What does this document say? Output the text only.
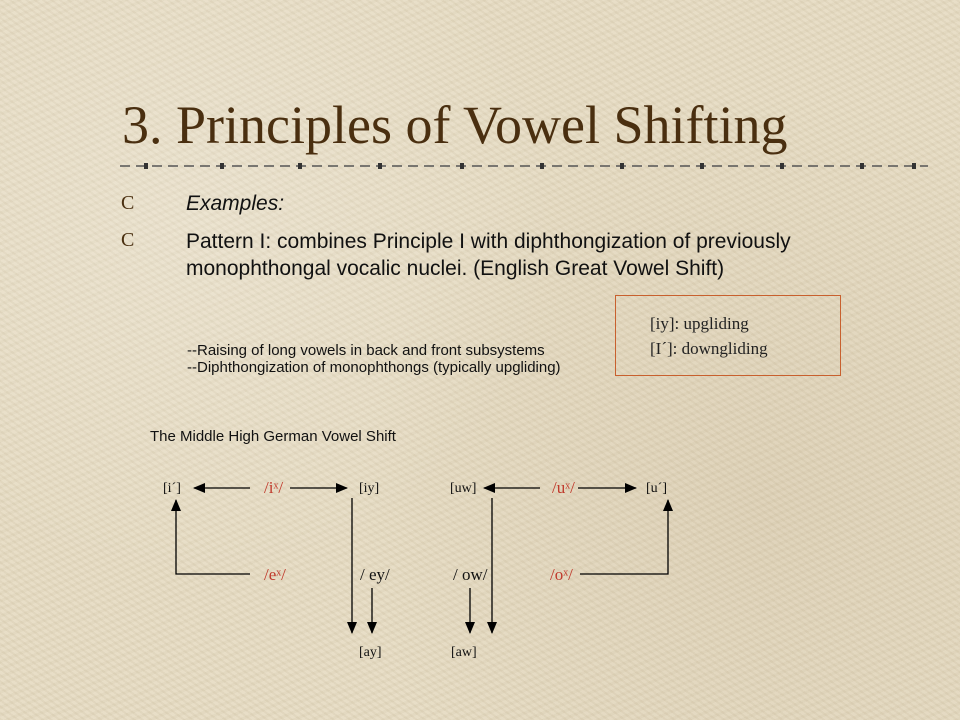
3. Principles of Vowel Shifting
C Examples:
C Pattern I: combines Principle I with diphthongization of previously monophthongal vocalic nuclei. (English Great Vowel Shift)
--Raising of long vowels in back and front subsystems
--Diphthongization of monophthongs (typically upgliding)
[iy]: upgliding
[Iˊ]: downgliding
The Middle High German Vowel Shift
[iˊ]	/iˣ/	[iy]	[uw]	/uˣ/	[uˊ]
/eˣ/	/ ey/	/ ow/	/oˣ/
[ay]	[aw]
